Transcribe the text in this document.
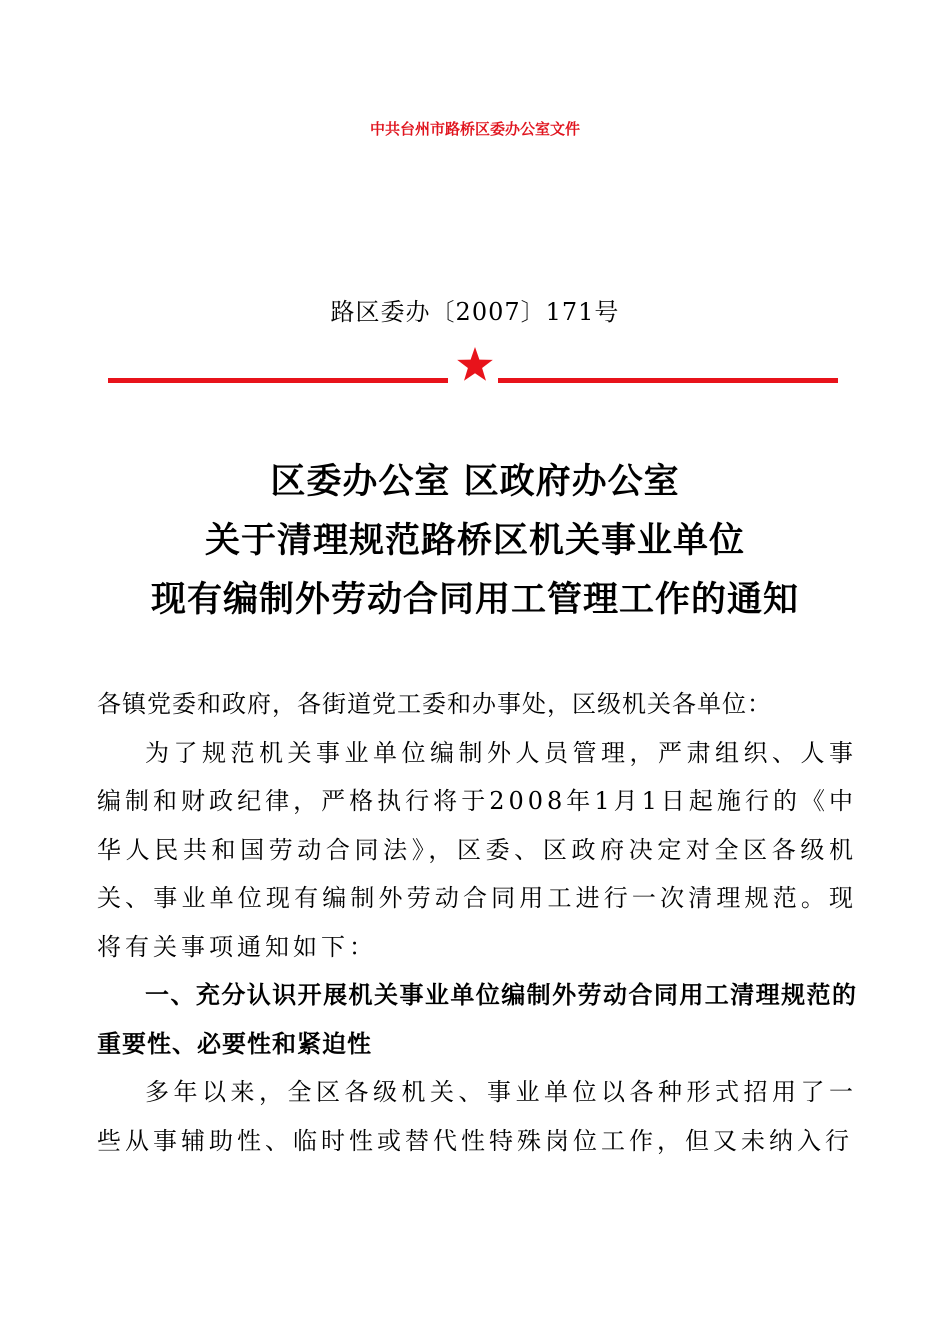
中共台州市路桥区委办公室文件
路区委办〔2007〕171号
区委办公室 区政府办公室
关于清理规范路桥区机关事业单位
现有编制外劳动合同用工管理工作的通知

各镇党委和政府，各街道党工委和办事处，区级机关各单位：

为了规范机关事业单位编制外人员管理，严肃组织、人事编制和财政纪律，严格执行将于2008年1月1日起施行的《中华人民共和国劳动合同法》，区委、区政府决定对全区各级机关、事业单位现有编制外劳动合同用工进行一次清理规范。现将有关事项通知如下：

一、充分认识开展机关事业单位编制外劳动合同用工清理规范的重要性、必要性和紧迫性

多年以来，全区各级机关、事业单位以各种形式招用了一些从事辅助性、临时性或替代性特殊岗位工作，但又未纳入行
